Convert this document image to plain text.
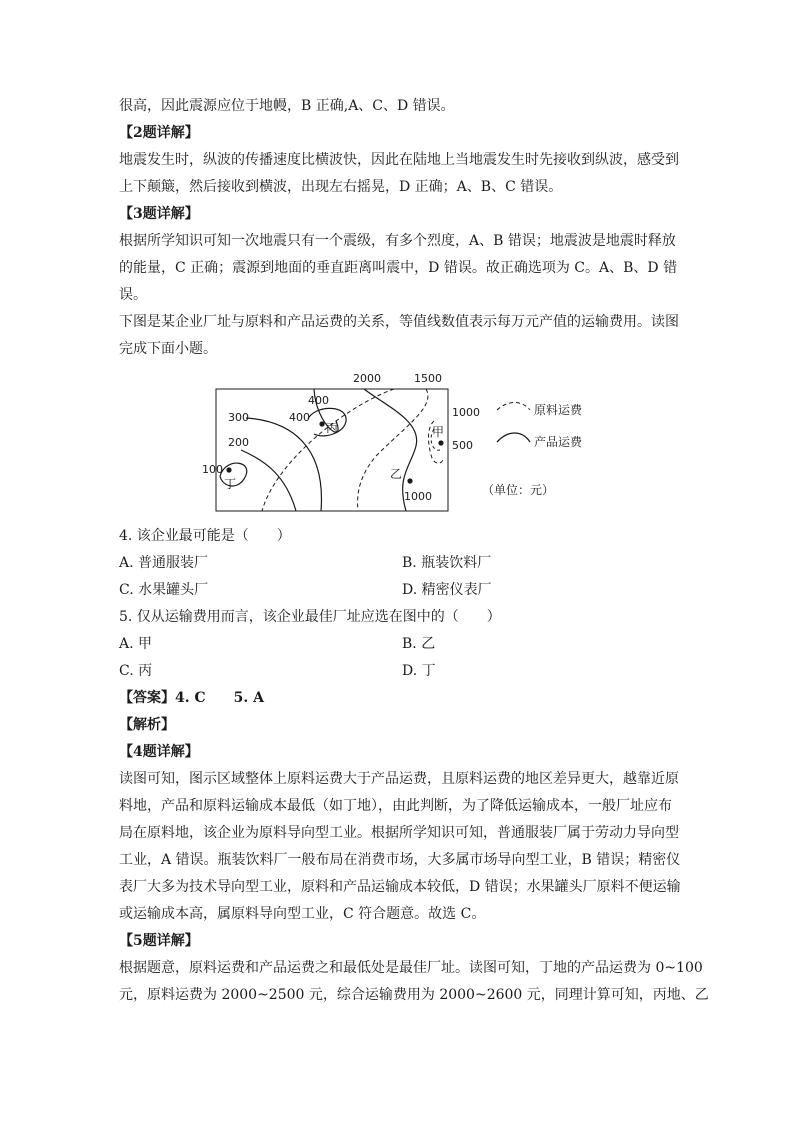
很高，因此震源应位于地幔，B 正确,A、C、D 错误。
【2题详解】
地震发生时，纵波的传播速度比横波快，因此在陆地上当地震发生时先接收到纵波，感受到
上下颠簸，然后接收到横波，出现左右摇晃，D 正确；A、B、C 错误。
【3题详解】
根据所学知识可知一次地震只有一个震级，有多个烈度，A、B 错误；地震波是地震时释放
的能量，C 正确；震源到地面的垂直距离叫震中，D 错误。故正确选项为 C。A、B、D 错
误。
下图是某企业厂址与原料和产品运费的关系，等值线数值表示每万元产值的运输费用。读图
完成下面小题。
2000	1500
400
300	400
200
100
1000
500
1000
丙	甲
乙
丁
原料运费
产品运费
（单位：元）
4. 该企业最可能是（　　）
A. 普通服装厂	B. 瓶装饮料厂
C. 水果罐头厂	D. 精密仪表厂
5. 仅从运输费用而言，该企业最佳厂址应选在图中的（　　）
A. 甲	B. 乙
C. 丙	D. 丁
【答案】4. C　　5. A
【解析】
【4题详解】
读图可知，图示区域整体上原料运费大于产品运费，且原料运费的地区差异更大，越靠近原
料地，产品和原料运输成本最低（如丁地），由此判断，为了降低运输成本，一般厂址应布
局在原料地，该企业为原料导向型工业。根据所学知识可知，普通服装厂属于劳动力导向型
工业，A 错误。瓶装饮料厂一般布局在消费市场，大多属市场导向型工业，B 错误；精密仪
表厂大多为技术导向型工业，原料和产品运输成本较低，D 错误；水果罐头厂原料不便运输
或运输成本高，属原料导向型工业，C 符合题意。故选 C。
【5题详解】
根据题意，原料运费和产品运费之和最低处是最佳厂址。读图可知，丁地的产品运费为 0~100
元，原料运费为 2000~2500 元，综合运输费用为 2000~2600 元，同理计算可知，丙地、乙
